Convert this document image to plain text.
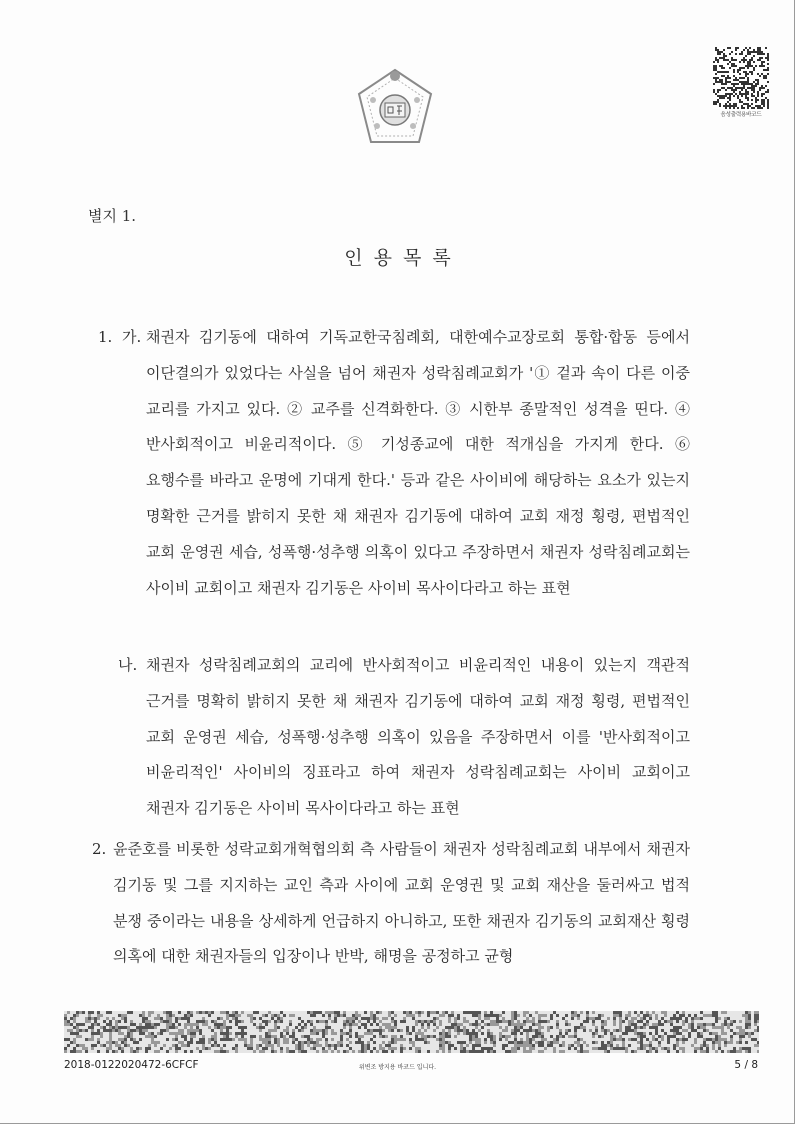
음성출력용바코드
별지 1.
인용목록

1. 가. 채권자 김기동에 대하여 기독교한국침례회, 대한예수교장로회 통합·합동 등에서 이단결의가 있었다는 사실을 넘어 채권자 성락침례교회가 '① 겉과 속이 다른 이중 교리를 가지고 있다. ② 교주를 신격화한다. ③ 시한부 종말적인 성격을 띤다. ④ 반사회적이고 비윤리적이다. ⑤ 기성종교에 대한 적개심을 가지게 한다. ⑥ 요행수를 바라고 운명에 기대게 한다.' 등과 같은 사이비에 해당하는 요소가 있는지 명확한 근거를 밝히지 못한 채 채권자 김기동에 대하여 교회 재정 횡령, 편법적인 교회 운영권 세습, 성폭행·성추행 의혹이 있다고 주장하면서 채권자 성락침례교회는 사이비 교회이고 채권자 김기동은 사이비 목사이다라고 하는 표현

나. 채권자 성락침례교회의 교리에 반사회적이고 비윤리적인 내용이 있는지 객관적 근거를 명확히 밝히지 못한 채 채권자 김기동에 대하여 교회 재정 횡령, 편법적인 교회 운영권 세습, 성폭행·성추행 의혹이 있음을 주장하면서 이를 '반사회적이고 비윤리적인' 사이비의 징표라고 하여 채권자 성락침례교회는 사이비 교회이고 채권자 김기동은 사이비 목사이다라고 하는 표현

2. 윤준호를 비롯한 성락교회개혁협의회 측 사람들이 채권자 성락침례교회 내부에서 채권자 김기동 및 그를 지지하는 교인 측과 사이에 교회 운영권 및 교회 재산을 둘러싸고 법적 분쟁 중이라는 내용을 상세하게 언급하지 아니하고, 또한 채권자 김기동의 교회재산 횡령 의혹에 대한 채권자들의 입장이나 반박, 해명을 공정하고 균형

2018-0122020472-6CFCF	위변조 방지용 바코드 입니다.	5 / 8
